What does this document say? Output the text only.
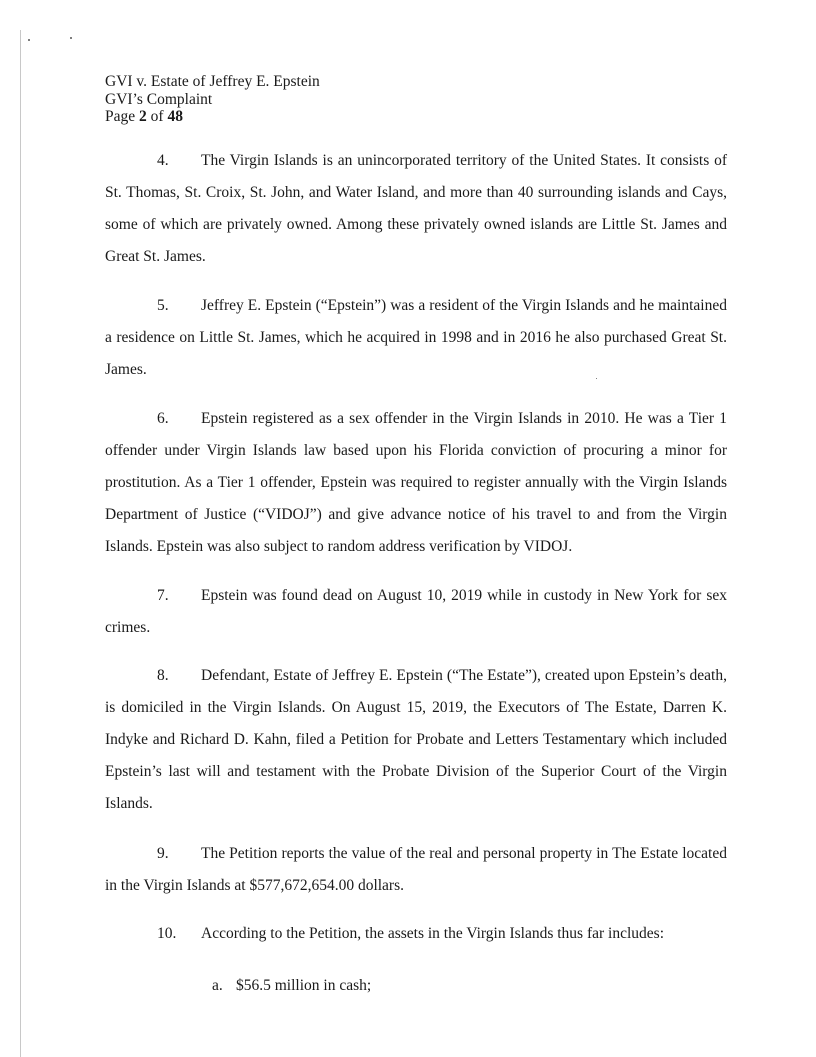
GVI v. Estate of Jeffrey E. Epstein
GVI’s Complaint
Page 2 of 48

4. The Virgin Islands is an unincorporated territory of the United States. It consists of St. Thomas, St. Croix, St. John, and Water Island, and more than 40 surrounding islands and Cays, some of which are privately owned. Among these privately owned islands are Little St. James and Great St. James.

5. Jeffrey E. Epstein (“Epstein”) was a resident of the Virgin Islands and he maintained a residence on Little St. James, which he acquired in 1998 and in 2016 he also purchased Great St. James.

6. Epstein registered as a sex offender in the Virgin Islands in 2010. He was a Tier 1 offender under Virgin Islands law based upon his Florida conviction of procuring a minor for prostitution. As a Tier 1 offender, Epstein was required to register annually with the Virgin Islands Department of Justice (“VIDOJ”) and give advance notice of his travel to and from the Virgin Islands. Epstein was also subject to random address verification by VIDOJ.

7. Epstein was found dead on August 10, 2019 while in custody in New York for sex crimes.

8. Defendant, Estate of Jeffrey E. Epstein (“The Estate”), created upon Epstein’s death, is domiciled in the Virgin Islands. On August 15, 2019, the Executors of The Estate, Darren K. Indyke and Richard D. Kahn, filed a Petition for Probate and Letters Testamentary which included Epstein’s last will and testament with the Probate Division of the Superior Court of the Virgin Islands.

9. The Petition reports the value of the real and personal property in The Estate located in the Virgin Islands at $577,672,654.00 dollars.

10. According to the Petition, the assets in the Virgin Islands thus far includes:

a. $56.5 million in cash;
